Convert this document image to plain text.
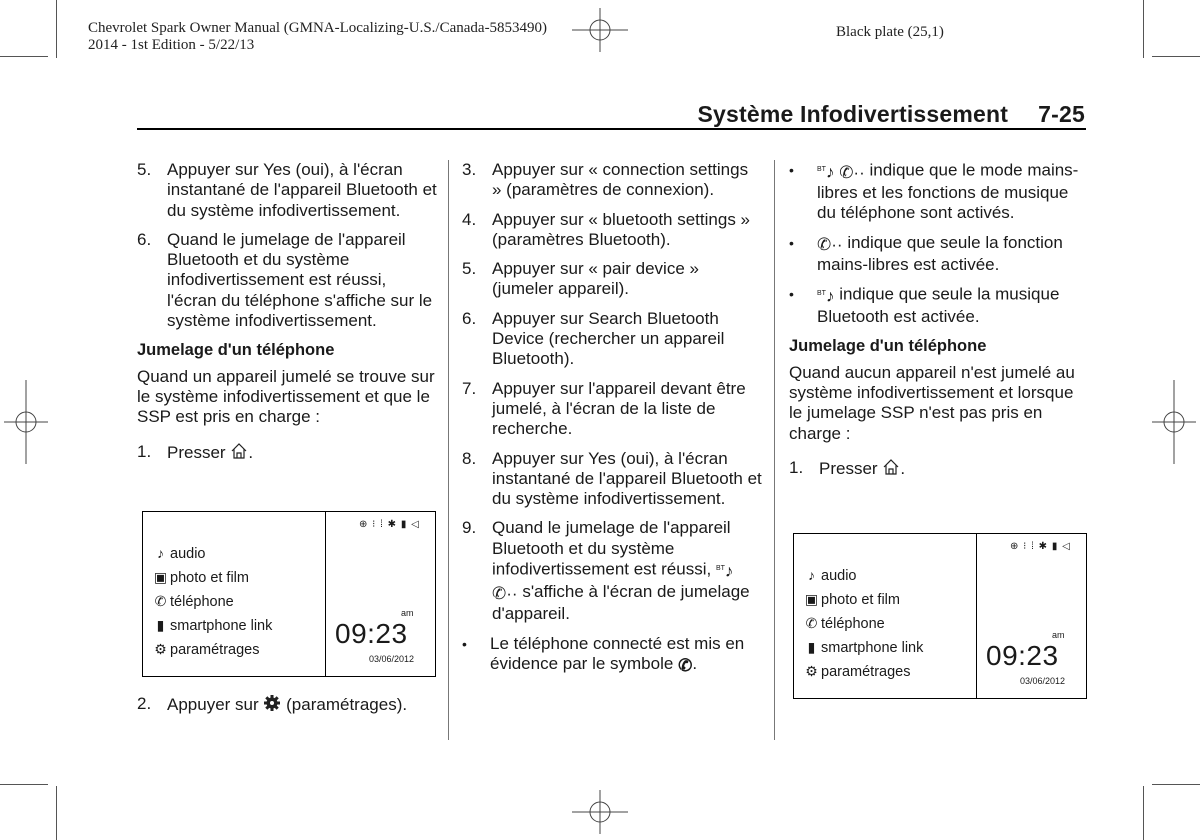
Chevrolet Spark Owner Manual (GMNA-Localizing-U.S./Canada-5853490)
2014 - 1st Edition - 5/22/13
Black plate (25,1)
Système Infodivertissement 7-25
5. Appuyer sur Yes (oui), à l'écran instantané de l'appareil Bluetooth et du système infodivertissement.
6. Quand le jumelage de l'appareil Bluetooth et du système infodivertissement est réussi, l'écran du téléphone s'affiche sur le système infodivertissement.
Jumelage d'un téléphone
Quand un appareil jumelé se trouve sur le système infodivertissement et que le SSP est pris en charge :
1. Presser .
♪ audio
▣ photo et film
✆ téléphone
▮ smartphone link
⚙ paramétrages
⊕ ⁝ ⁞ ✱ ▮ ◁
am
09:23
03/06/2012
2. Appuyer sur (paramétrages).
3. Appuyer sur « connection settings » (paramètres de connexion).
4. Appuyer sur « bluetooth settings » (paramètres Bluetooth).
5. Appuyer sur « pair device » (jumeler appareil).
6. Appuyer sur Search Bluetooth Device (rechercher un appareil Bluetooth).
7. Appuyer sur l'appareil devant être jumelé, à l'écran de la liste de recherche.
8. Appuyer sur Yes (oui), à l'écran instantané de l'appareil Bluetooth et du système infodivertissement.
9. Quand le jumelage de l'appareil Bluetooth et du système infodivertissement est réussi, $^{BT}$♪ ✆·· s'affiche à l'écran de jumelage d'appareil.
• Le téléphone connecté est mis en évidence par le symbole ✆.
•	$^{BT}$♪ ✆·· indique que le mode mains-libres et les fonctions de musique du téléphone sont activés.
• ✆·· indique que seule la fonction mains-libres est activée.
•	$^{BT}$♪ indique que seule la musique Bluetooth est activée.
Jumelage d'un téléphone
Quand aucun appareil n'est jumelé au système infodivertissement et lorsque le jumelage SSP n'est pas pris en charge :
1. Presser .
♪ audio
▣ photo et film
✆ téléphone
▮ smartphone link
⚙ paramétrages
⊕ ⁝ ⁞ ✱ ▮ ◁
am
09:23
03/06/2012
